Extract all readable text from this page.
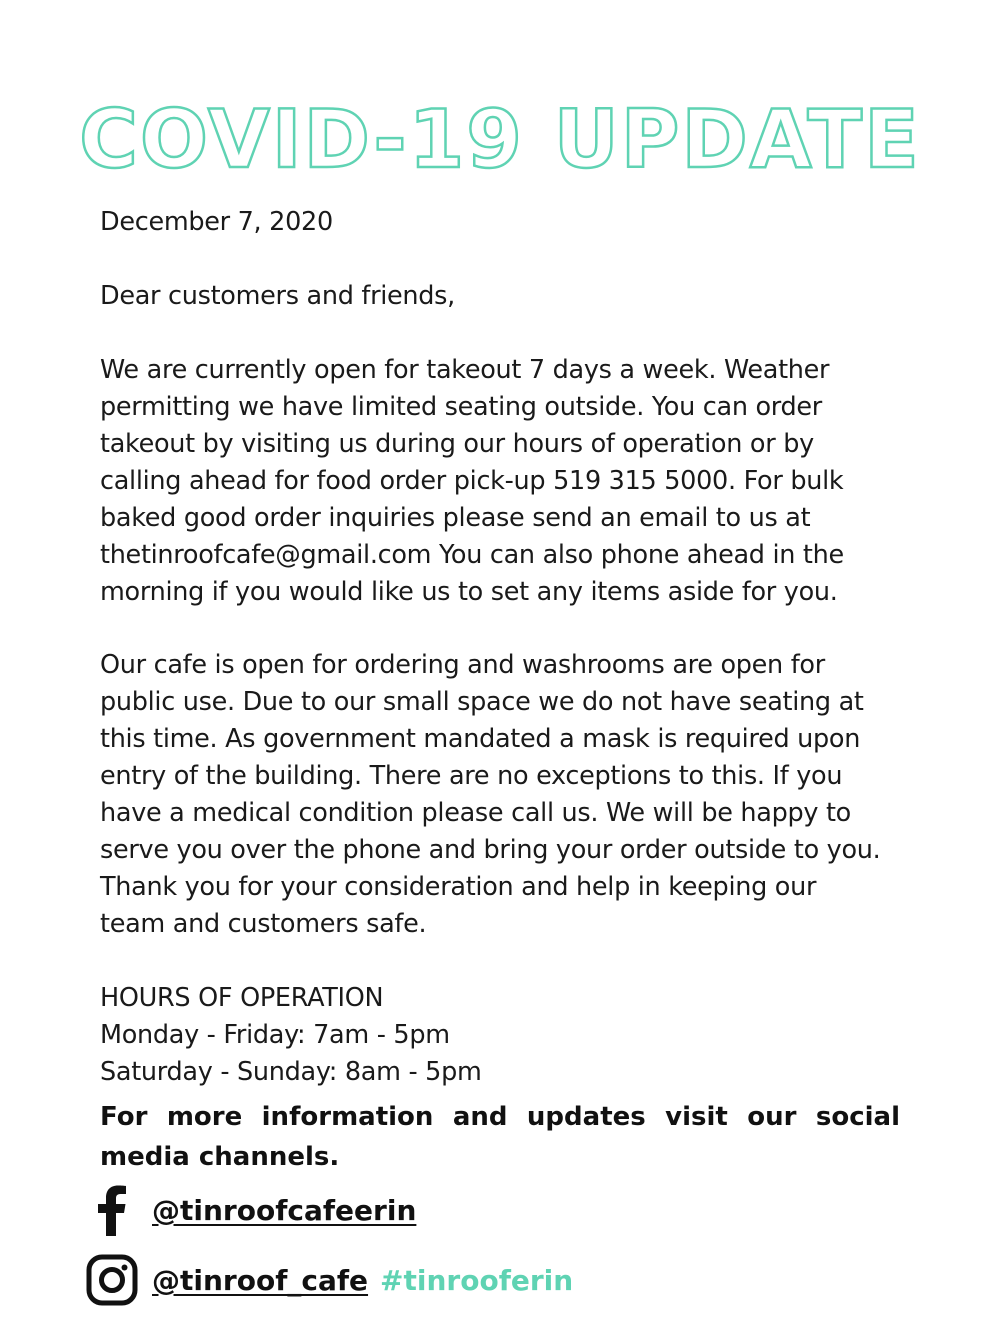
COVID-19 UPDATE
December 7, 2020
Dear customers and friends,
We are currently open for takeout 7 days a week. Weather
permitting we have limited seating outside. You can order
takeout by visiting us during our hours of operation or by
calling ahead for food order pick-up 519 315 5000. For bulk
baked good order inquiries please send an email to us at
thetinroofcafe@gmail.com You can also phone ahead in the
morning if you would like us to set any items aside for you.
Our cafe is open for ordering and washrooms are open for
public use. Due to our small space we do not have seating at
this time. As government mandated a mask is required upon
entry of the building. There are no exceptions to this. If you
have a medical condition please call us. We will be happy to
serve you over the phone and bring your order outside to you.
Thank you for your consideration and help in keeping our
team and customers safe.
HOURS OF OPERATION
Monday - Friday: 7am - 5pm
Saturday - Sunday: 8am - 5pm
For more information and updates visit our social media channels.
@tinroofcafeerin
@tinroof_cafe #tinrooferin
